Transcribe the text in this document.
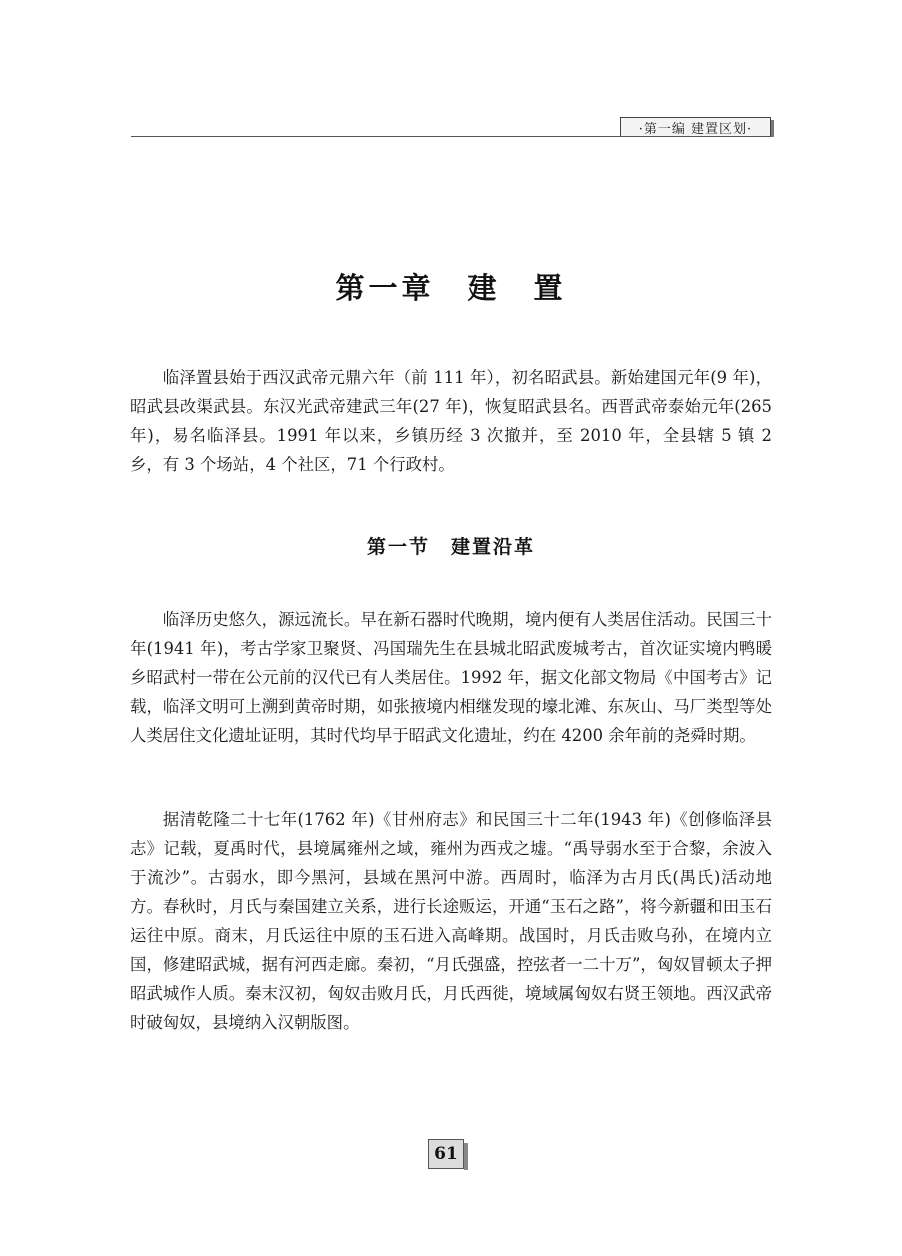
·第一编 建置区划·
第一章　建　置

临泽置县始于西汉武帝元鼎六年（前 111 年），初名昭武县。新始建国元年(9 年)，昭武县改渠武县。东汉光武帝建武三年(27 年)，恢复昭武县名。西晋武帝泰始元年(265 年)，易名临泽县。1991 年以来，乡镇历经 3 次撤并，至 2010 年，全县辖 5 镇 2 乡，有 3 个场站，4 个社区，71 个行政村。

第一节　建置沿革

临泽历史悠久，源远流长。早在新石器时代晚期，境内便有人类居住活动。民国三十年(1941 年)，考古学家卫聚贤、冯国瑞先生在县城北昭武废城考古，首次证实境内鸭暖乡昭武村一带在公元前的汉代已有人类居住。1992 年，据文化部文物局《中国考古》记载，临泽文明可上溯到黄帝时期，如张掖境内相继发现的壕北滩、东灰山、马厂类型等处人类居住文化遗址证明，其时代均早于昭武文化遗址，约在 4200 余年前的尧舜时期。

据清乾隆二十七年(1762 年)《甘州府志》和民国三十二年(1943 年)《创修临泽县志》记载，夏禹时代，县境属雍州之域，雍州为西戎之墟。“禹导弱水至于合黎，余波入于流沙”。古弱水，即今黑河，县域在黑河中游。西周时，临泽为古月氏(禺氏)活动地方。春秋时，月氏与秦国建立关系，进行长途贩运，开通“玉石之路”，将今新疆和田玉石运往中原。商末，月氏运往中原的玉石进入高峰期。战国时，月氏击败乌孙，在境内立国，修建昭武城，据有河西走廊。秦初，“月氏强盛，控弦者一二十万”，匈奴冒顿太子押昭武城作人质。秦末汉初，匈奴击败月氏，月氏西徙，境域属匈奴右贤王领地。西汉武帝时破匈奴，县境纳入汉朝版图。

61
